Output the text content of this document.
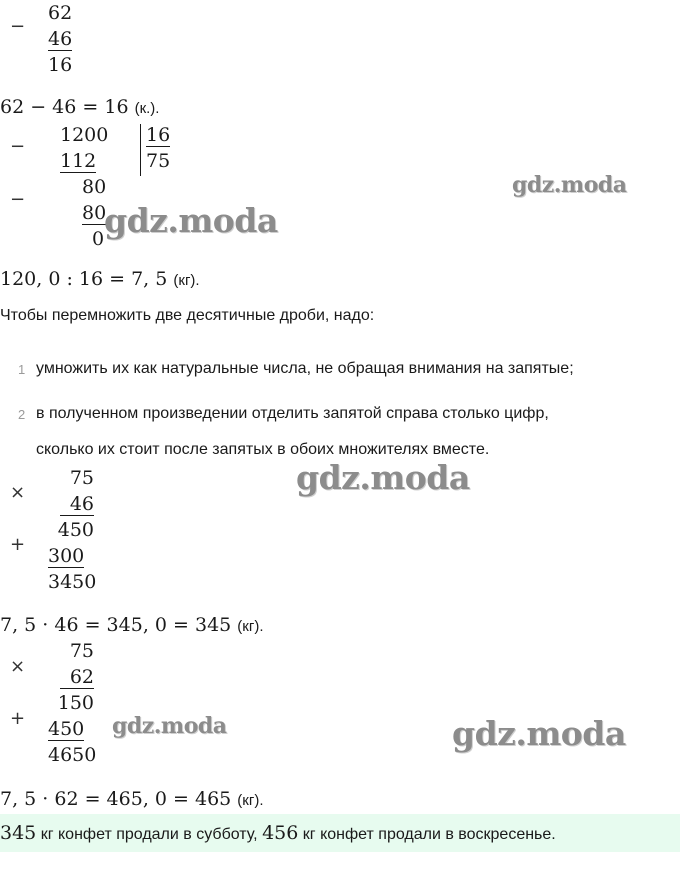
−
62
46
16
62 − 46 = 16 (к.).
−
1200
112
16
75
−
80
80
0
gdz.moda
gdz.moda
120, 0 : 16 = 7, 5 (кг).
Чтобы перемножить две десятичные дроби, надо:
1 умножить их как натуральные числа, не обращая внимания на запятые;
2 в полученном произведении отделить запятой справа столько цифр,
сколько их стоит после запятых в обоих множителях вместе.
×
75
46
450
+
300
3450
gdz.moda
7, 5 · 46 = 345, 0 = 345 (кг).
×
75
62
150
+ 450
4650
gdz.moda	gdz.moda
7, 5 · 62 = 465, 0 = 465 (кг).
345 кг конфет продали в субботу, 456 кг конфет продали в воскресенье.
